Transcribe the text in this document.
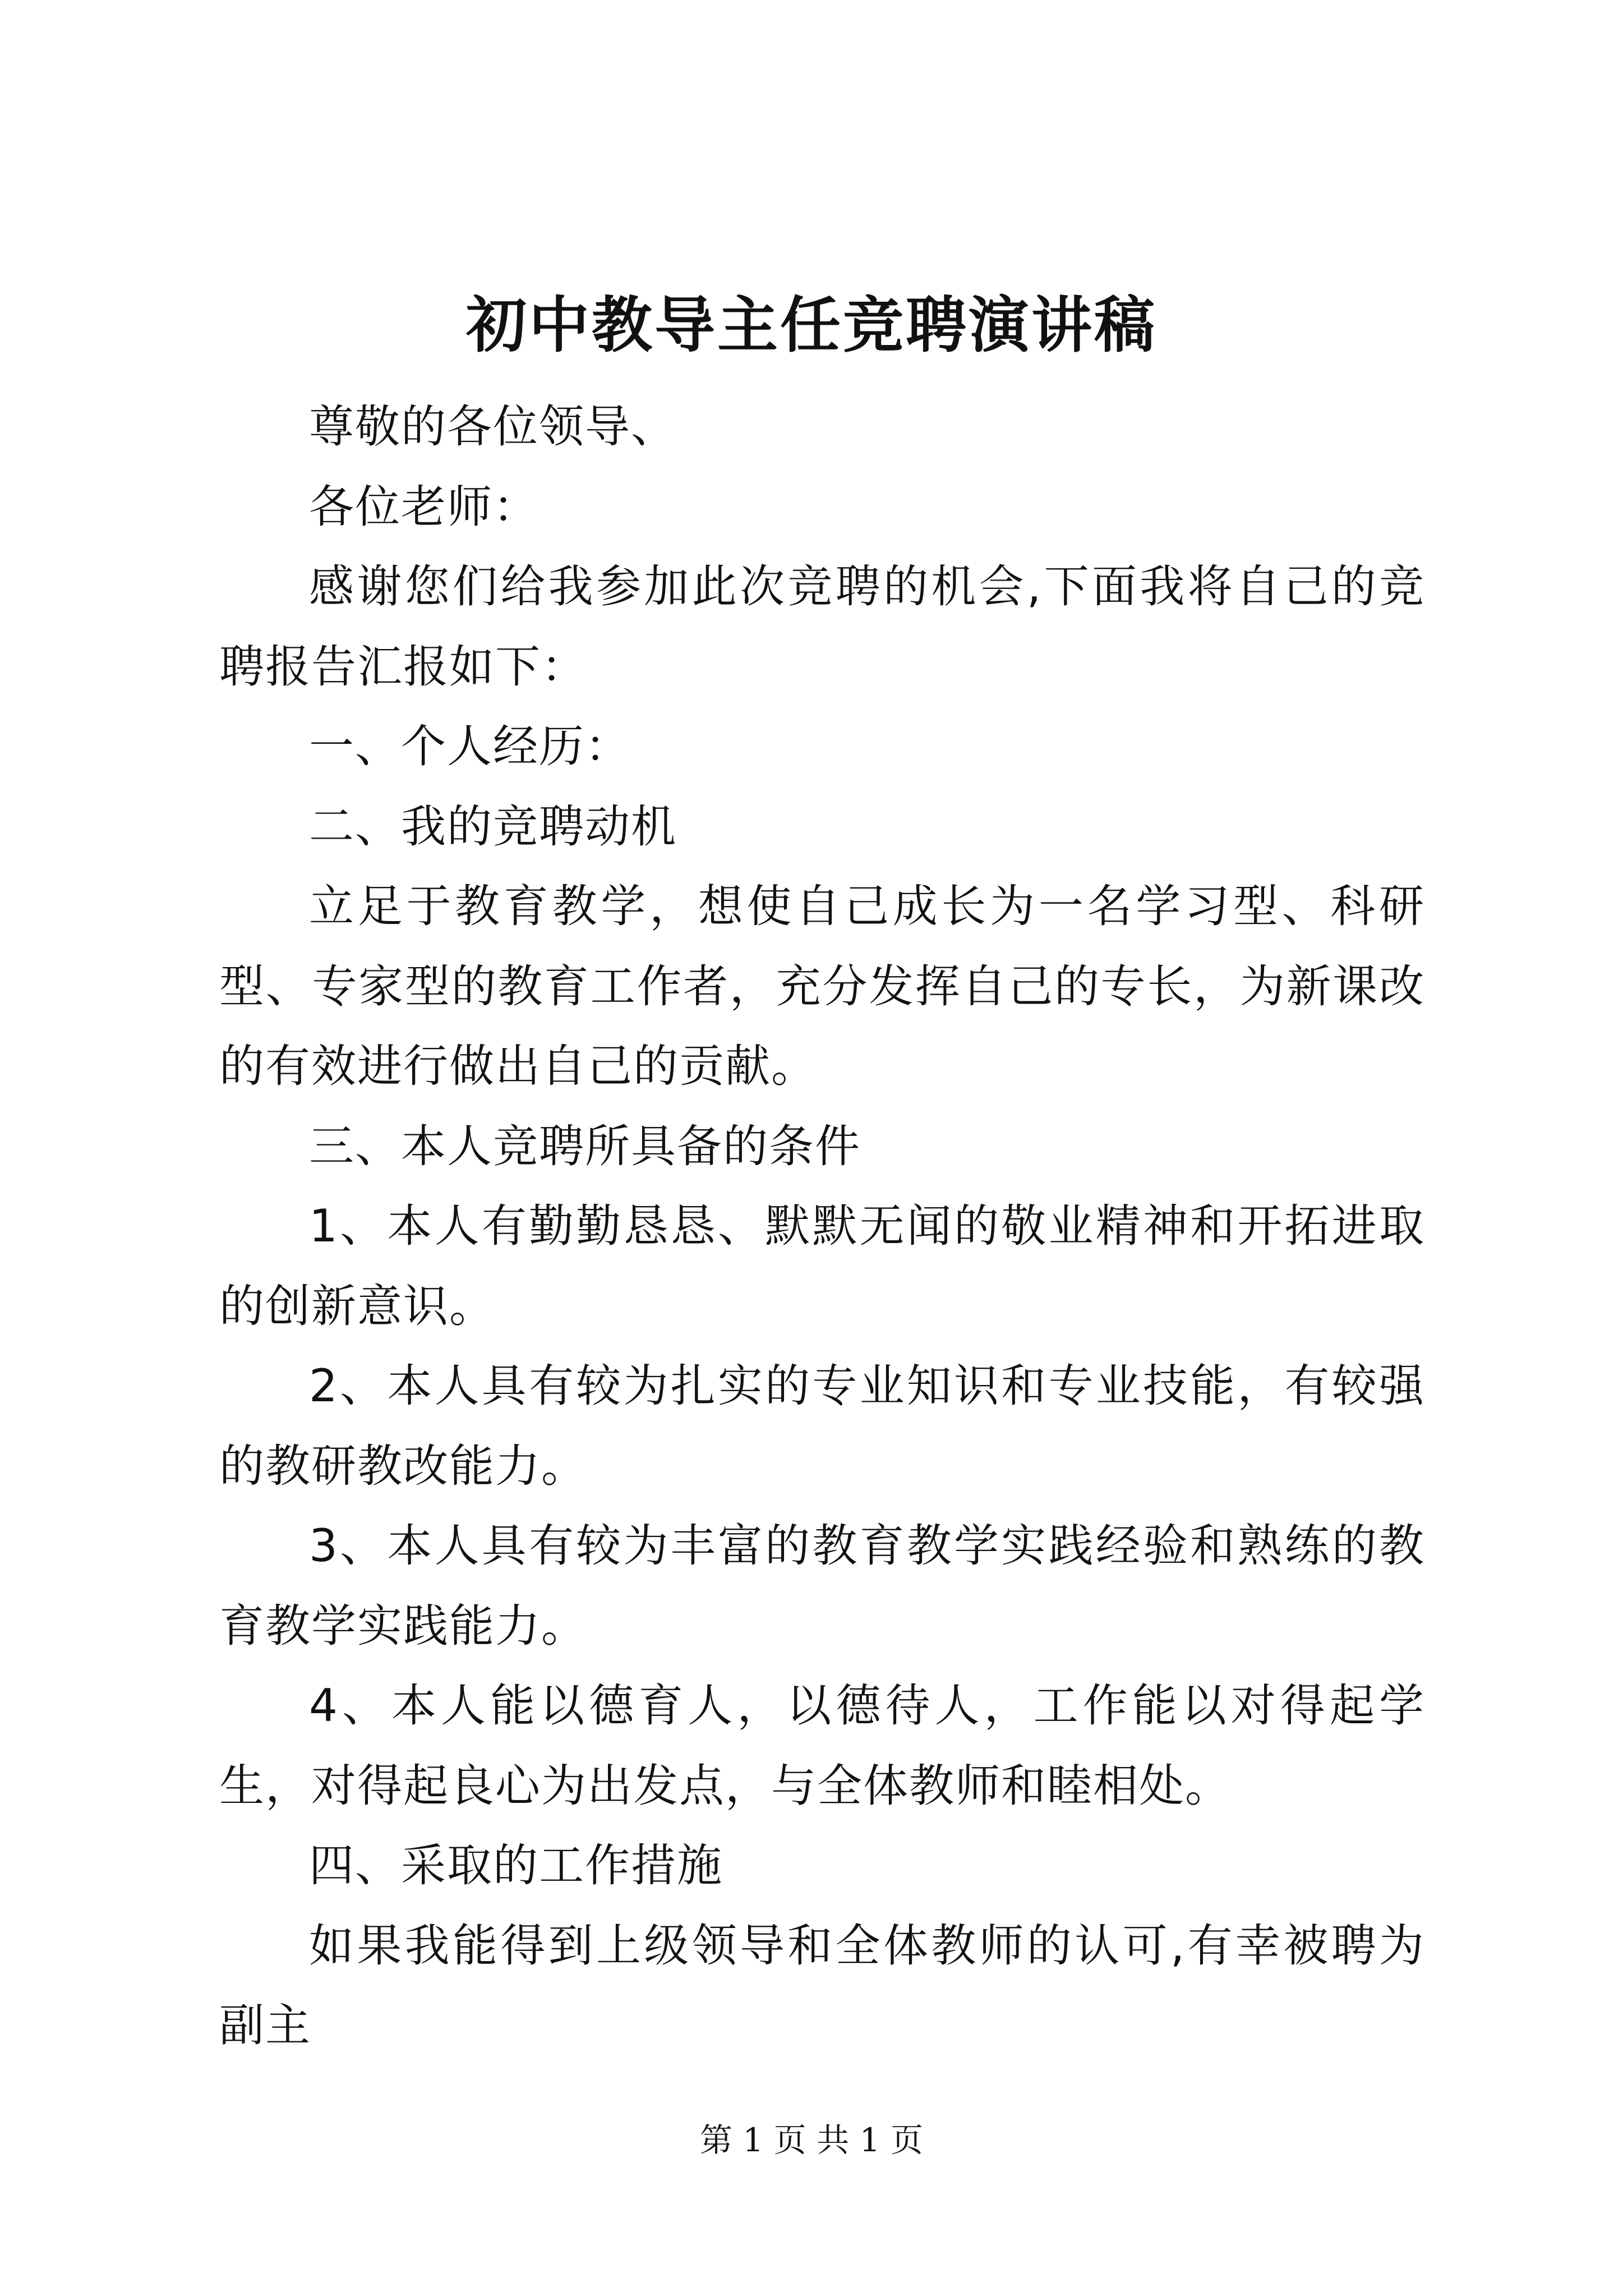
初中教导主任竞聘演讲稿

尊敬的各位领导、

各位老师：

感谢您们给我参加此次竞聘的机会,下面我将自己的竞聘报告汇报如下：

一、个人经历：

二、我的竞聘动机

立足于教育教学，想使自己成长为一名学习型、科研型、专家型的教育工作者，充分发挥自己的专长，为新课改的有效进行做出自己的贡献。

三、本人竞聘所具备的条件

1、本人有勤勤恳恳、默默无闻的敬业精神和开拓进取的创新意识。

2、本人具有较为扎实的专业知识和专业技能，有较强的教研教改能力。

3、本人具有较为丰富的教育教学实践经验和熟练的教育教学实践能力。

4、本人能以德育人，以德待人，工作能以对得起学生，对得起良心为出发点，与全体教师和睦相处。

四、采取的工作措施

如果我能得到上级领导和全体教师的认可,有幸被聘为副主

第 1 页 共 1 页
